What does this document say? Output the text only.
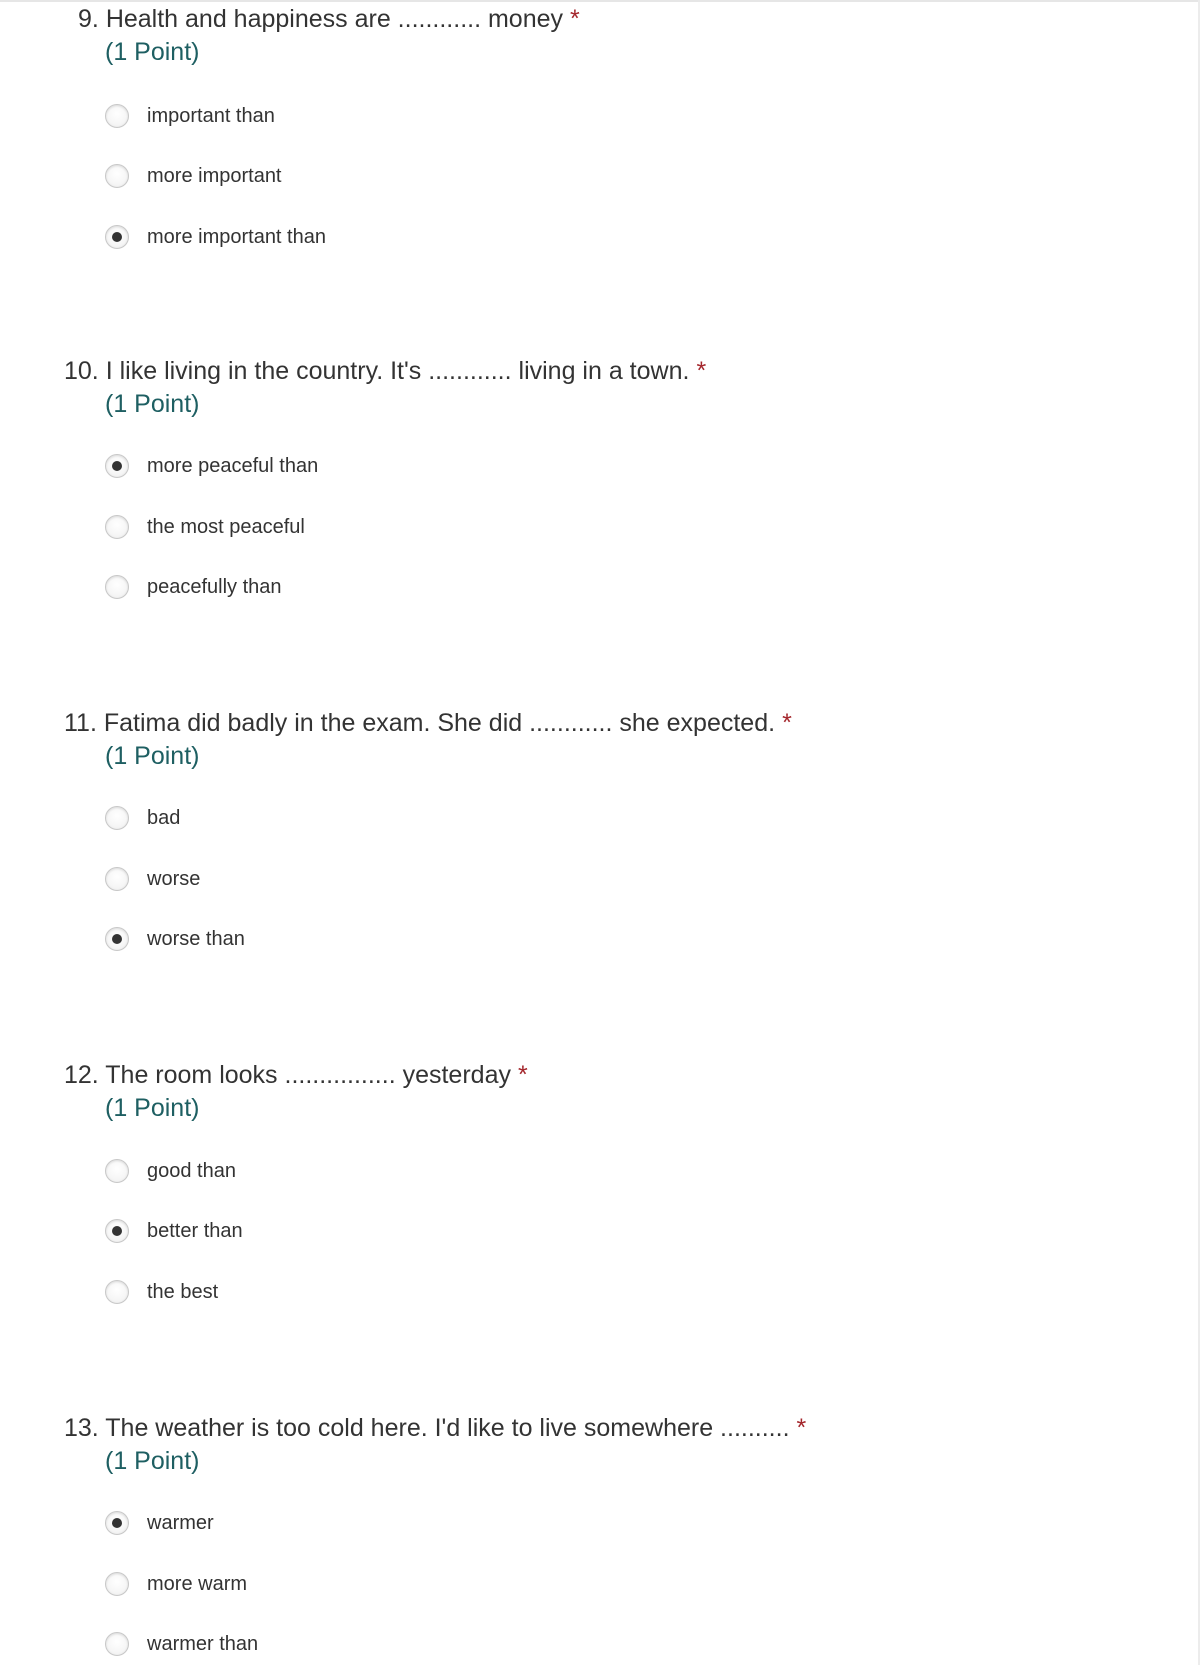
9. Health and happiness are ............ money *
(1 Point)
important than
more important
more important than
10. I like living in the country. It's ............ living in a town. *
(1 Point)
more peaceful than
the most peaceful
peacefully than
11. Fatima did badly in the exam. She did ............ she expected. *
(1 Point)
bad
worse
worse than
12. The room looks ................ yesterday *
(1 Point)
good than
better than
the best
13. The weather is too cold here. I'd like to live somewhere .......... *
(1 Point)
warmer
more warm
warmer than
